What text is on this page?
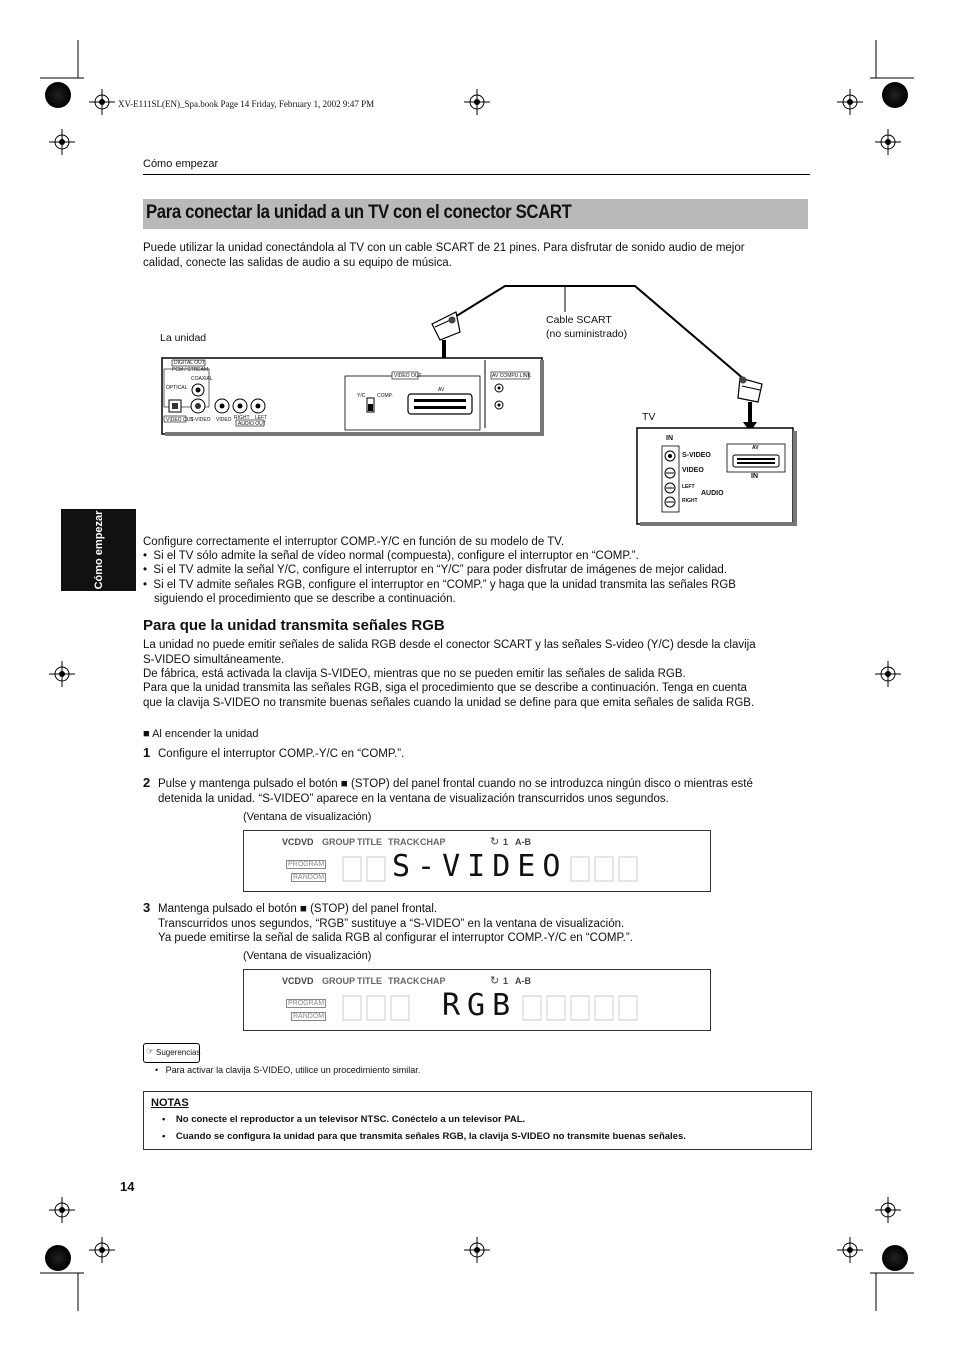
XV-E111SL(EN)_Spa.book Page 14 Friday, February 1, 2002 9:47 PM
Cómo empezar
Para conectar la unidad a un TV con el conector SCART
Puede utilizar la unidad conectándola al TV con un cable SCART de 21 pines. Para disfrutar de sonido audio de mejor
calidad, conecte las salidas de audio a su equipo de música.
La unidad
Cable SCART
(no suministrado)
TV
DIGITAL OUT
PCM / STREAM
COAXIAL
OPTICAL
VIDEO OUT
S-VIDEO VIDEO RIGHT LEFT
AUDIO OUT
VIDEO OUT
Y/C COMP.
AV
AV COMPU LINK
IN
S-VIDEO
VIDEO
LEFT
AUDIO
RIGHT
AV
IN
Cómo empezar	Configure correctamente el interruptor COMP.-Y/C en función de su modelo de TV.
•  Si el TV sólo admite la señal de vídeo normal (compuesta), configure el interruptor en “COMP.”.
•  Si el TV admite la señal Y/C, configure el interruptor en “Y/C” para poder disfrutar de imágenes de mejor calidad.
•  Si el TV admite señales RGB, configure el interruptor en “COMP.” y haga que la unidad transmita las señales RGB
siguiendo el procedimiento que se describe a continuación.
Para que la unidad transmita señales RGB
La unidad no puede emitir señales de salida RGB desde el conector SCART y las señales S-video (Y/C) desde la clavija
S-VIDEO simultáneamente.
De fábrica, está activada la clavija S-VIDEO, mientras que no se pueden emitir las señales de salida RGB.
Para que la unidad transmita las señales RGB, siga el procedimiento que se describe a continuación. Tenga en cuenta
que la clavija S-VIDEO no transmite buenas señales cuando la unidad se define para que emita señales de salida RGB.
■ Al encender la unidad
1 Configure el interruptor COMP.-Y/C en “COMP.”.
2 Pulse y mantenga pulsado el botón ■ (STOP) del panel frontal cuando no se introduzca ningún disco o mientras esté
detenida la unidad. “S-VIDEO” aparece en la ventana de visualización transcurridos unos segundos.
(Ventana de visualización)
VCDVD GROUP TITLE TRACK CHAP	↻ 1 A-B
PROGRAM
RANDOM S-VIDEO
3 Mantenga pulsado el botón ■ (STOP) del panel frontal.
Transcurridos unos segundos, “RGB” sustituye a “S-VIDEO” en la ventana de visualización.
Ya puede emitirse la señal de salida RGB al configurar el interruptor COMP.-Y/C en “COMP.”.
(Ventana de visualización)
VCDVD GROUP TITLE TRACK CHAP	↻ 1 A-B
PROGRAM
RANDOM	RGB
☞ Sugerencias
•   Para activar la clavija S-VIDEO, utilice un procedimiento similar.
NOTAS
•    No conecte el reproductor a un televisor NTSC. Conéctelo a un televisor PAL.
•    Cuando se configura la unidad para que transmita señales RGB, la clavija S-VIDEO no transmite buenas señales.
14
